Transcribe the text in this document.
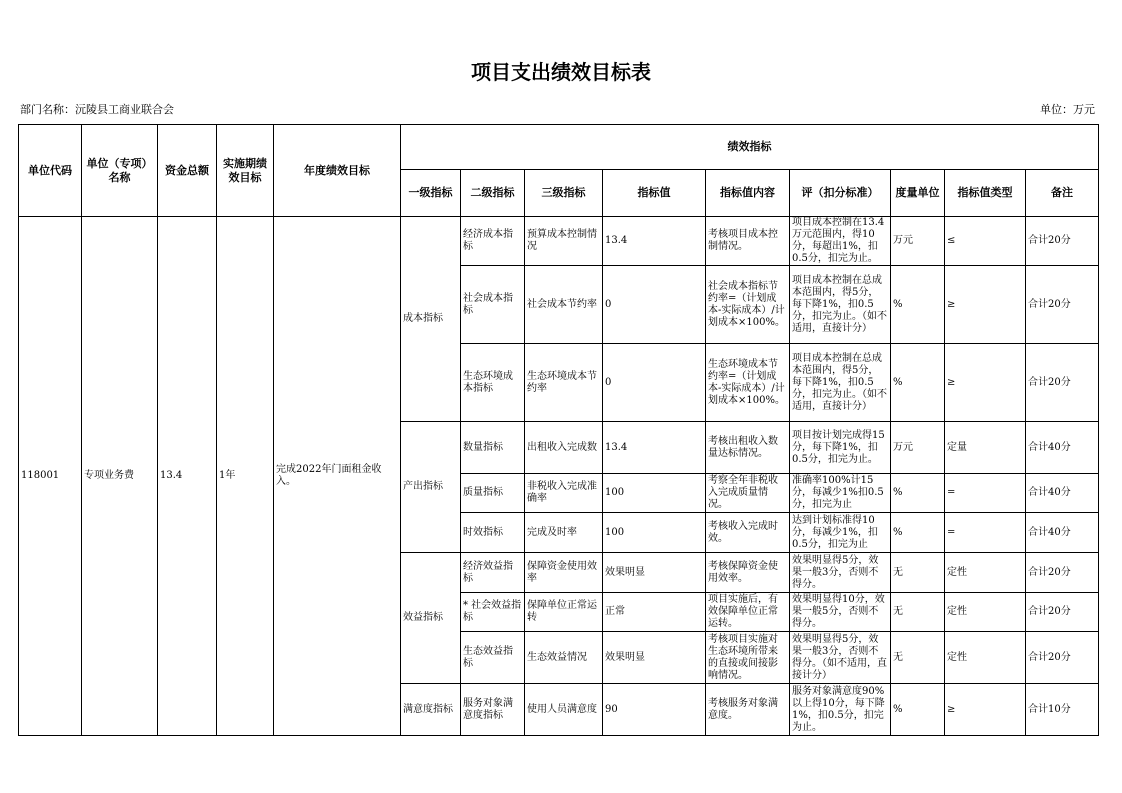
项目支出绩效目标表
部门名称：沅陵县工商业联合会	单位：万元
单位代码	单位（专项）名称	资金总额	实施期绩效目标	年度绩效目标	绩效指标								
					一级指标	二级指标	三级指标	指标值	指标值内容	评（扣分标准）	度量单位	指标值类型	备注
118001	专项业务费	13.4	1年	完成2022年门面租金收入。	成本指标	经济成本指标	预算成本控制情况	13.4	考核项目成本控制情况。	项目成本控制在13.4万元范围内，得10分，每超出1%，扣0.5分，扣完为止。	万元	≤	合计20分
						社会成本指标	社会成本节约率	0	社会成本指标节约率=（计划成本-实际成本）/计划成本×100%。	项目成本控制在总成本范围内，得5分，每下降1%，扣0.5分，扣完为止。（如不适用，直接计分）	%	≥	合计20分
						生态环境成本指标	生态环境成本节约率	0	生态环境成本节约率=（计划成本-实际成本）/计划成本×100%。	项目成本控制在总成本范围内，得5分，每下降1%，扣0.5分，扣完为止。（如不适用，直接计分）	%	≥	合计20分
					产出指标	数量指标	出租收入完成数	13.4	考核出租收入数量达标情况。	项目按计划完成得15分，每下降1%，扣0.5分，扣完为止。	万元	定量	合计40分
						质量指标	非税收入完成准确率	100	考察全年非税收入完成质量情况。	准确率100%计15分，每减少1%扣0.5分，扣完为止	%	=	合计40分
						时效指标	完成及时率	100	考核收入完成时效。	达到计划标准得10分，每减少1%，扣0.5分，扣完为止	%	=	合计40分
					效益指标	经济效益指标	保障资金使用效率	效果明显	考核保障资金使用效率。	效果明显得5分，效果一般3分，否则不得分。	无	定性	合计20分
						* 社会效益指标	保障单位正常运转	正常	项目实施后，有效保障单位正常运转。	效果明显得10分，效果一般5分，否则不得分。	无	定性	合计20分
						生态效益指标	生态效益情况	效果明显	考核项目实施对生态环境所带来的直接或间接影响情况。	效果明显得5分，效果一般3分，否则不得分。（如不适用，直接计分）	无	定性	合计20分
					满意度指标	服务对象满意度指标	使用人员满意度	90	考核服务对象满意度。	服务对象满意度90%以上得10分，每下降1%，扣0.5分，扣完为止。	%	≥	合计10分
